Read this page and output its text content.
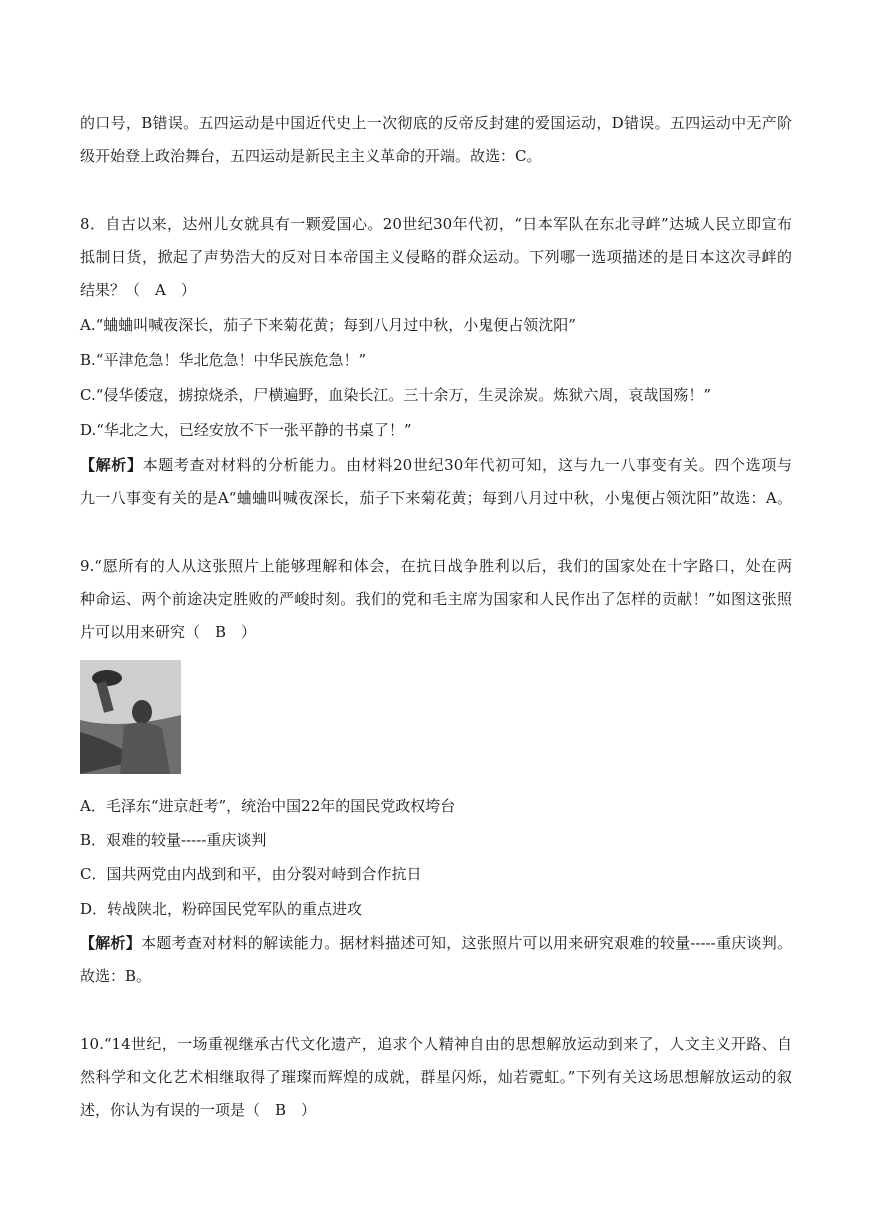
的口号，B错误。五四运动是中国近代史上一次彻底的反帝反封建的爱国运动，D错误。五四运动中无产阶
级开始登上政治舞台，五四运动是新民主主义革命的开端。故选：C。
8．自古以来，达州儿女就具有一颗爱国心。20世纪30年代初，“日本军队在东北寻衅”达城人民立即宣布
抵制日货，掀起了声势浩大的反对日本帝国主义侵略的群众运动。下列哪一选项描述的是日本这次寻衅的
结果？（　A　）
A.“蛐蛐叫喊夜深长，茄子下来菊花黄；每到八月过中秋，小鬼便占领沈阳”
B.“平津危急！华北危急！中华民族危急！”
C.“侵华倭寇，掳掠烧杀，尸横遍野，血染长江。三十余万，生灵涂炭。炼狱六周，哀哉国殇！”
D.“华北之大，已经安放不下一张平静的书桌了！”
【解析】本题考查对材料的分析能力。由材料20世纪30年代初可知，这与九一八事变有关。四个选项与
九一八事变有关的是A“蛐蛐叫喊夜深长，茄子下来菊花黄；每到八月过中秋，小鬼便占领沈阳”故选：A。
9.“愿所有的人从这张照片上能够理解和体会，在抗日战争胜利以后，我们的国家处在十字路口，处在两
种命运、两个前途决定胜败的严峻时刻。我们的党和毛主席为国家和人民作出了怎样的贡献！”如图这张照
片可以用来研究（　B　）
A．毛泽东“进京赶考”，统治中国22年的国民党政权垮台
B．艰难的较量-----重庆谈判
C．国共两党由内战到和平，由分裂对峙到合作抗日
D．转战陕北，粉碎国民党军队的重点进攻
【解析】本题考查对材料的解读能力。据材料描述可知，这张照片可以用来研究艰难的较量-----重庆谈判。
故选：B。
10.“14世纪，一场重视继承古代文化遗产，追求个人精神自由的思想解放运动到来了，人文主义开路、自
然科学和文化艺术相继取得了璀璨而辉煌的成就，群星闪烁，灿若霓虹。”下列有关这场思想解放运动的叙
述，你认为有误的一项是（　B　）
